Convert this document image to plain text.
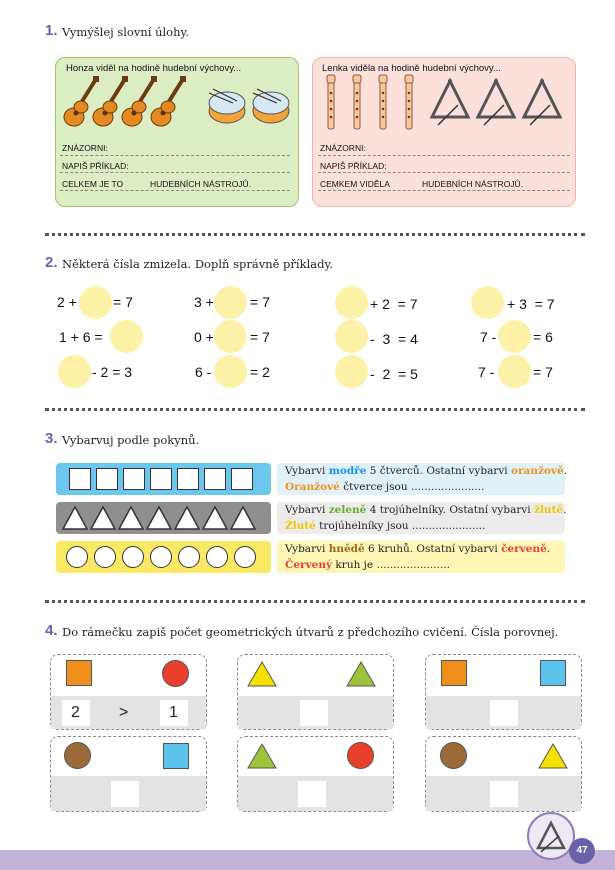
1. Vymýšlej slovní úlohy.
Honza viděl na hodině hudební výchovy...
ZNÁZORNI:
NAPIŠ PŘÍKLAD:
CELKEM JE TO	HUDEBNÍCH NÁSTROJŮ.
Lenka viděla na hodině hudební výchovy...
ZNÁZORNI:
NAPIŠ PŘÍKLAD:
CEMKEM VIDĚLA	HUDEBNÍCH NÁSTROJŮ.
2. Některá čísla zmizela. Doplň správně příklady.
2 +	= 7
1 + 6 =
- 2 = 3
3 +	= 7
0 +	= 7
6 -	= 2
+ 2  = 7
-  3  = 4
-  2  = 5
+ 3  = 7
7 -	= 6
7 -	= 7
3. Vybarvuj podle pokynů.
Vybarvi modře 5 čtverců. Ostatní vybarvi oranžově.
Oranžové čtverce jsou ......................
Vybarvi zeleně 4 trojúhelníky. Ostatní vybarvi žlutě.
Žluté trojúhelníky jsou ......................
Vybarvi hnědě 6 kruhů. Ostatní vybarvi červeně.
Červený kruh je ......................
4. Do rámečku zapiš počet geometrických útvarů z předchozího cvičení. Čísla porovnej.
2 >	1
47
